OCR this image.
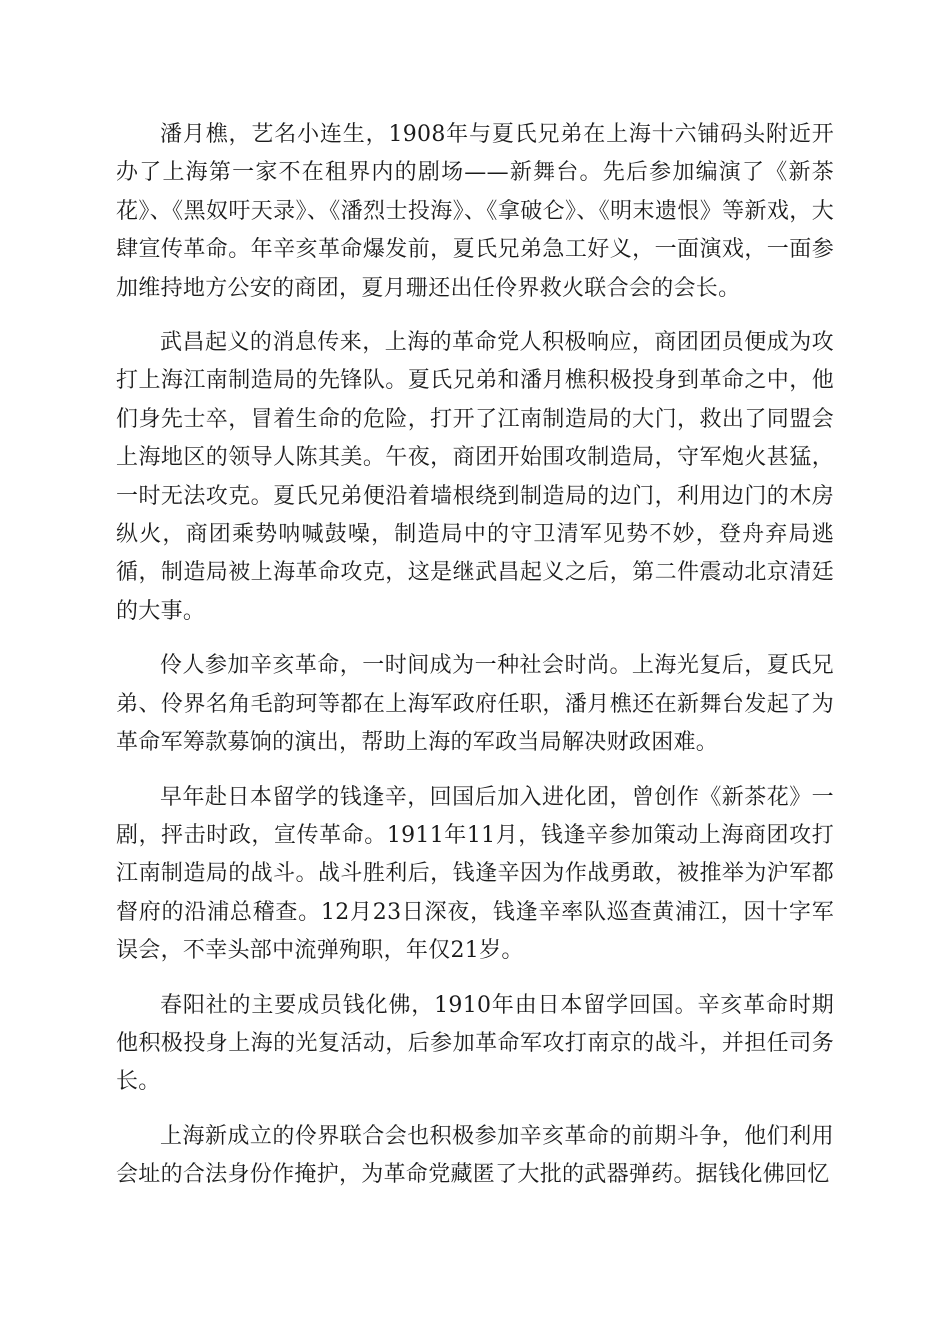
潘月樵，艺名小连生，1908年与夏氏兄弟在上海十六铺码头附近开办了上海第一家不在租界内的剧场——新舞台。先后参加编演了《新茶花》、《黑奴吁天录》、《潘烈士投海》、《拿破仑》、《明末遗恨》等新戏，大肆宣传革命。年辛亥革命爆发前，夏氏兄弟急工好义，一面演戏，一面参加维持地方公安的商团，夏月珊还出任伶界救火联合会的会长。

武昌起义的消息传来，上海的革命党人积极响应，商团团员便成为攻打上海江南制造局的先锋队。夏氏兄弟和潘月樵积极投身到革命之中，他们身先士卒，冒着生命的危险，打开了江南制造局的大门，救出了同盟会上海地区的领导人陈其美。午夜，商团开始围攻制造局，守军炮火甚猛，一时无法攻克。夏氏兄弟便沿着墙根绕到制造局的边门，利用边门的木房纵火，商团乘势呐喊鼓噪，制造局中的守卫清军见势不妙，登舟弃局逃循，制造局被上海革命攻克，这是继武昌起义之后，第二件震动北京清廷的大事。

伶人参加辛亥革命，一时间成为一种社会时尚。上海光复后，夏氏兄弟、伶界名角毛韵珂等都在上海军政府任职，潘月樵还在新舞台发起了为革命军筹款募饷的演出，帮助上海的军政当局解决财政困难。

早年赴日本留学的钱逢辛，回国后加入进化团，曾创作《新茶花》一剧，抨击时政，宣传革命。1911年11月，钱逢辛参加策动上海商团攻打江南制造局的战斗。战斗胜利后，钱逢辛因为作战勇敢，被推举为沪军都督府的沿浦总稽查。12月23日深夜，钱逢辛率队巡查黄浦江，因十字军误会，不幸头部中流弹殉职，年仅21岁。

春阳社的主要成员钱化佛，1910年由日本留学回国。辛亥革命时期他积极投身上海的光复活动，后参加革命军攻打南京的战斗，并担任司务长。

上海新成立的伶界联合会也积极参加辛亥革命的前期斗争，他们利用会址的合法身份作掩护，为革命党藏匿了大批的武器弹药。据钱化佛回忆
